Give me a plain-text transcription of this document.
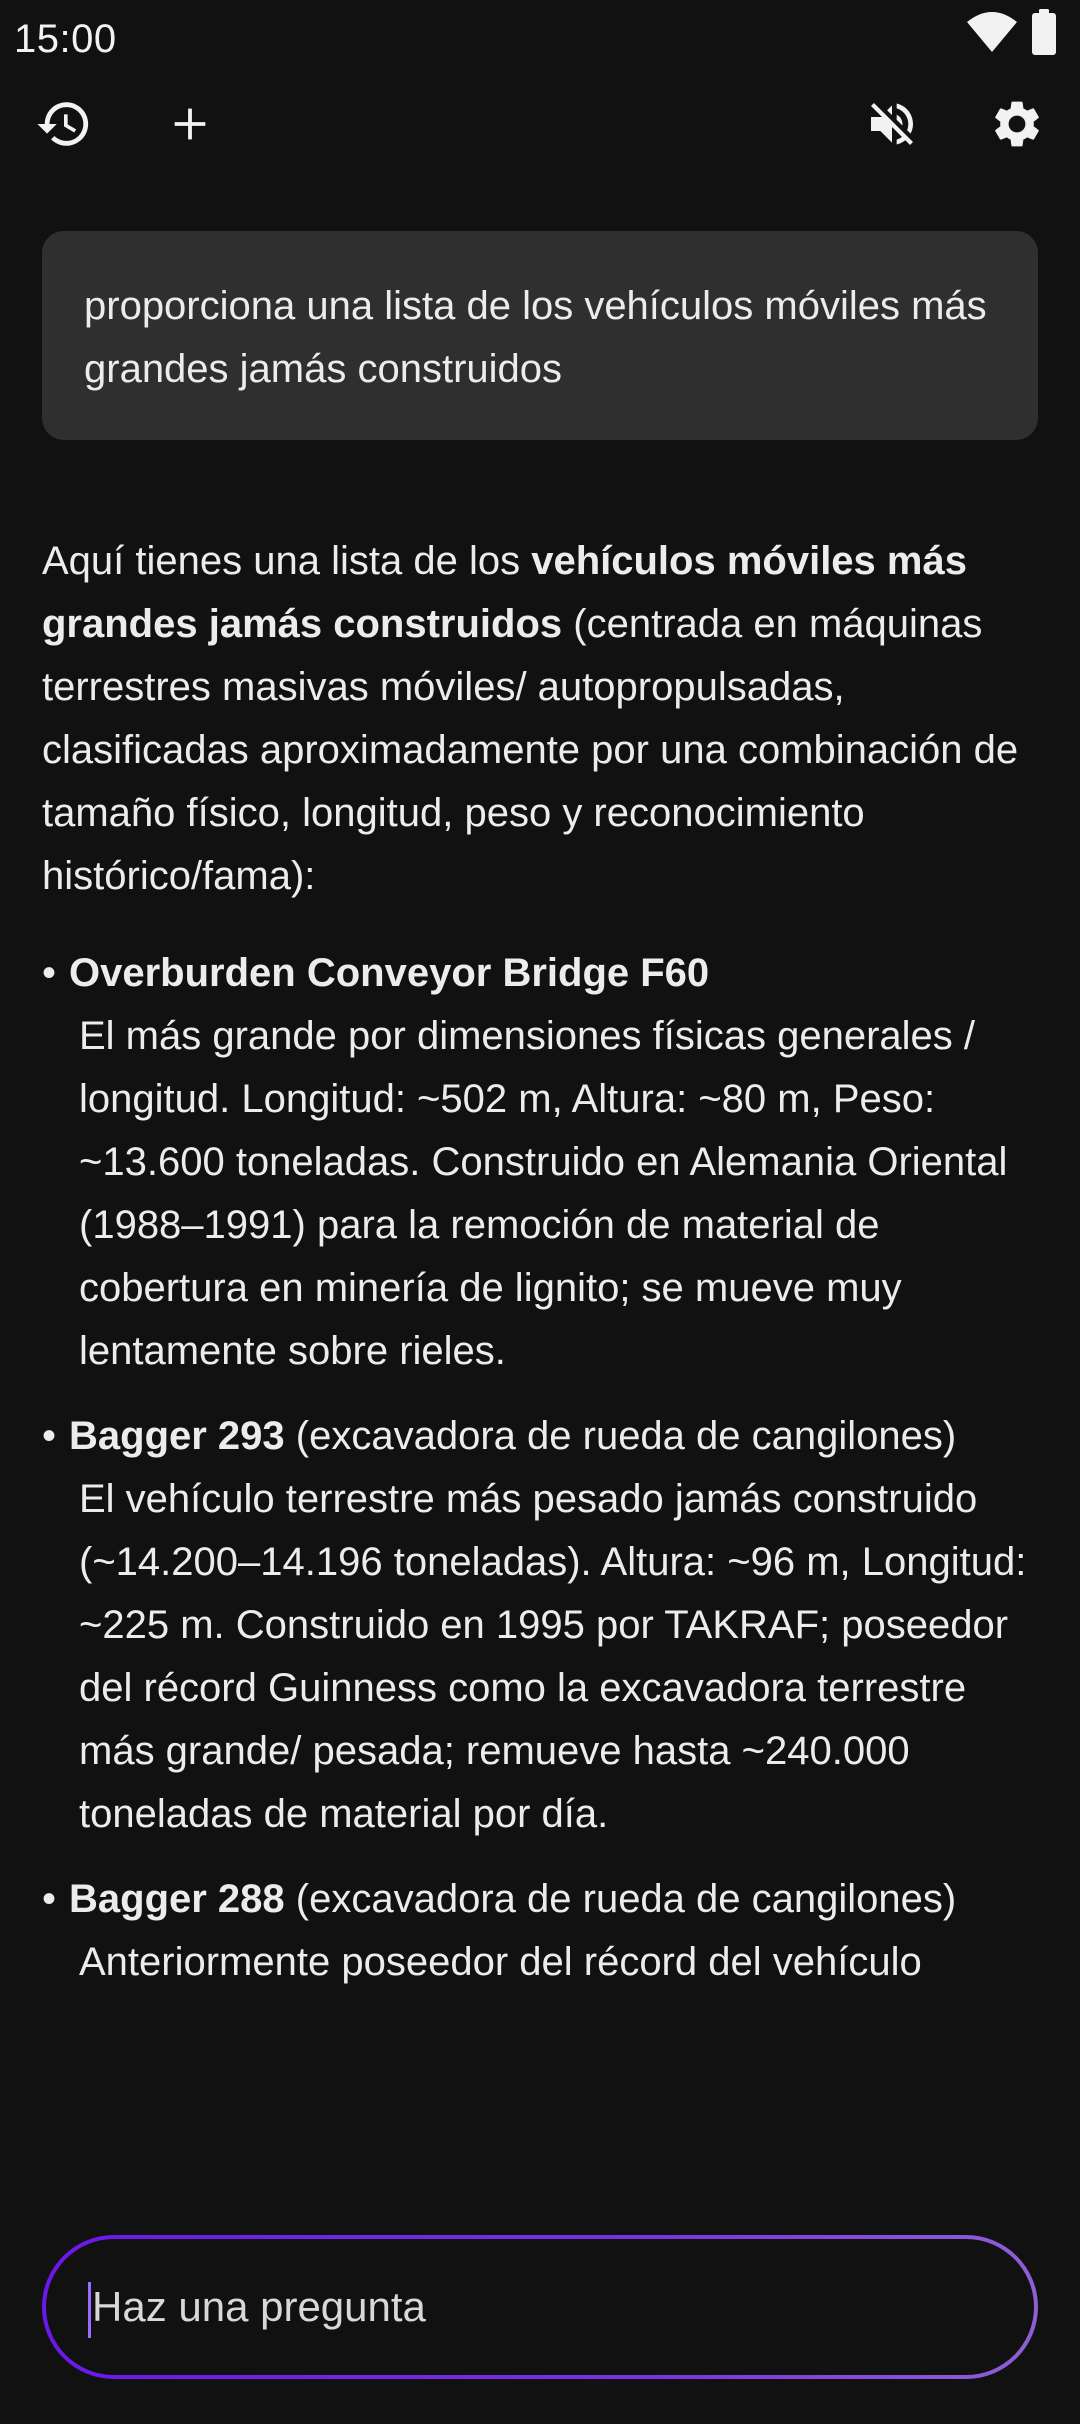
15:00
proporciona una lista de los vehículos móviles más grandes jamás construidos

Aquí tienes una lista de los vehículos móviles más grandes jamás construidos (centrada en máquinas terrestres masivas móviles/ autopropulsadas, clasificadas aproximadamente por una combinación de tamaño físico, longitud, peso y reconocimiento histórico/fama):

• Overburden Conveyor Bridge F60
El más grande por dimensiones físicas generales / longitud. Longitud: ~502 m, Altura: ~80 m, Peso: ~13.600 toneladas. Construido en Alemania Oriental (1988–1991) para la remoción de material de cobertura en minería de lignito; se mueve muy lentamente sobre rieles.
• Bagger 293 (excavadora de rueda de cangilones)
El vehículo terrestre más pesado jamás construido (~14.200–14.196 toneladas). Altura: ~96 m, Longitud: ~225 m. Construido en 1995 por TAKRAF; poseedor del récord Guinness como la excavadora terrestre más grande/ pesada; remueve hasta ~240.000 toneladas de material por día.
• Bagger 288 (excavadora de rueda de cangilones)
Anteriormente poseedor del récord del vehículo
Haz una pregunta
